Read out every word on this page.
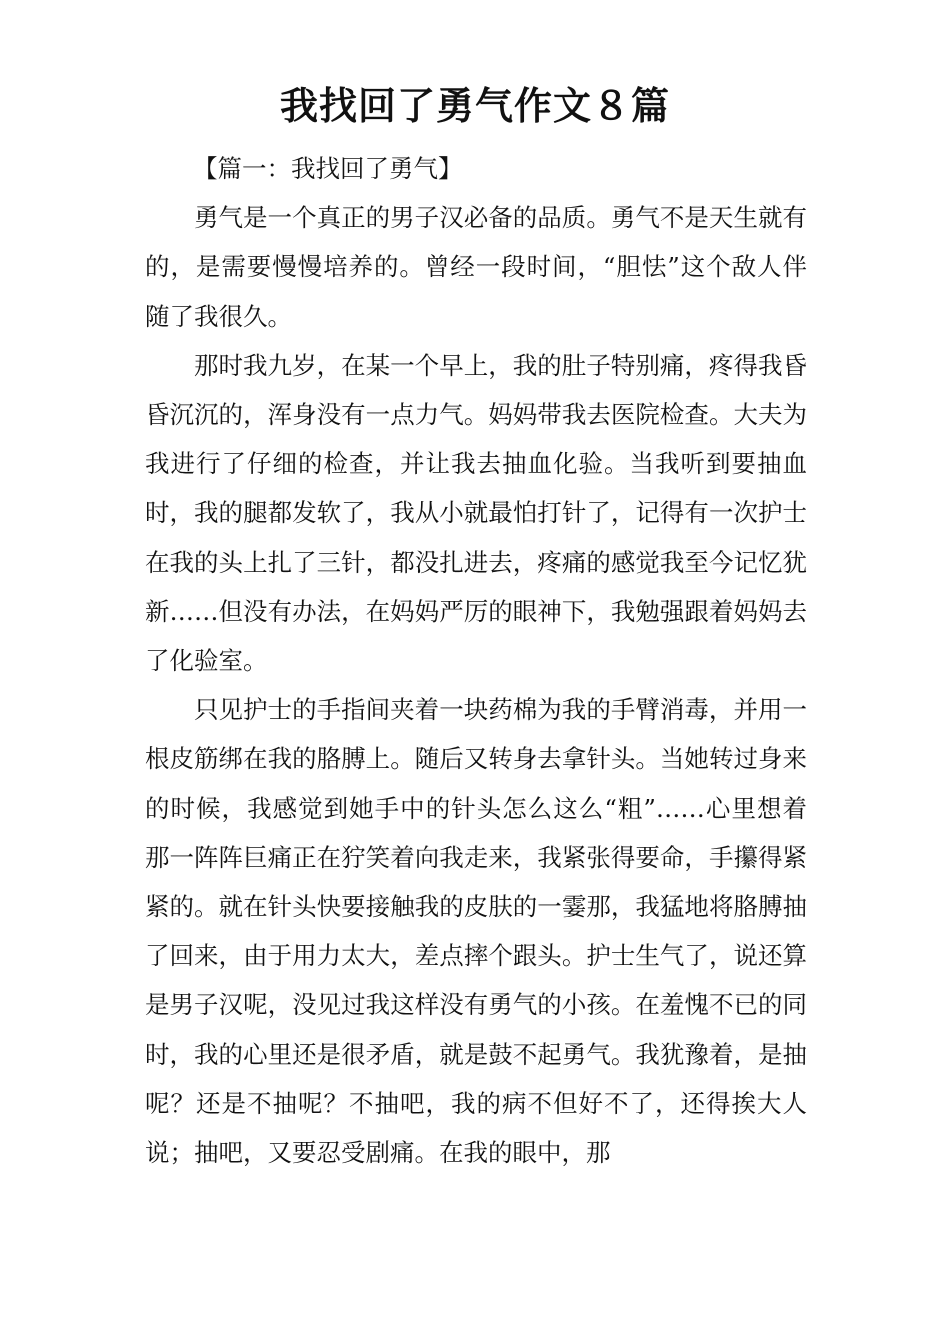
我找回了勇气作文８篇

【篇一：我找回了勇气】

勇气是一个真正的男子汉必备的品质。勇气不是天生就有的，是需要慢慢培养的。曾经一段时间，“胆怯”这个敌人伴随了我很久。

那时我九岁，在某一个早上，我的肚子特别痛，疼得我昏昏沉沉的，浑身没有一点力气。妈妈带我去医院检查。大夫为我进行了仔细的检查，并让我去抽血化验。当我听到要抽血时，我的腿都发软了，我从小就最怕打针了，记得有一次护士在我的头上扎了三针，都没扎进去，疼痛的感觉我至今记忆犹新……但没有办法，在妈妈严厉的眼神下，我勉强跟着妈妈去了化验室。

只见护士的手指间夹着一块药棉为我的手臂消毒，并用一根皮筋绑在我的胳膊上。随后又转身去拿针头。当她转过身来的时候，我感觉到她手中的针头怎么这么“粗”……心里想着那一阵阵巨痛正在狞笑着向我走来，我紧张得要命，手攥得紧紧的。就在针头快要接触我的皮肤的一霎那，我猛地将胳膊抽了回来，由于用力太大，差点摔个跟头。护士生气了，说还算是男子汉呢，没见过我这样没有勇气的小孩。在羞愧不已的同时，我的心里还是很矛盾，就是鼓不起勇气。我犹豫着，是抽呢？还是不抽呢？不抽吧，我的病不但好不了，还得挨大人说；抽吧，又要忍受剧痛。在我的眼中，那
